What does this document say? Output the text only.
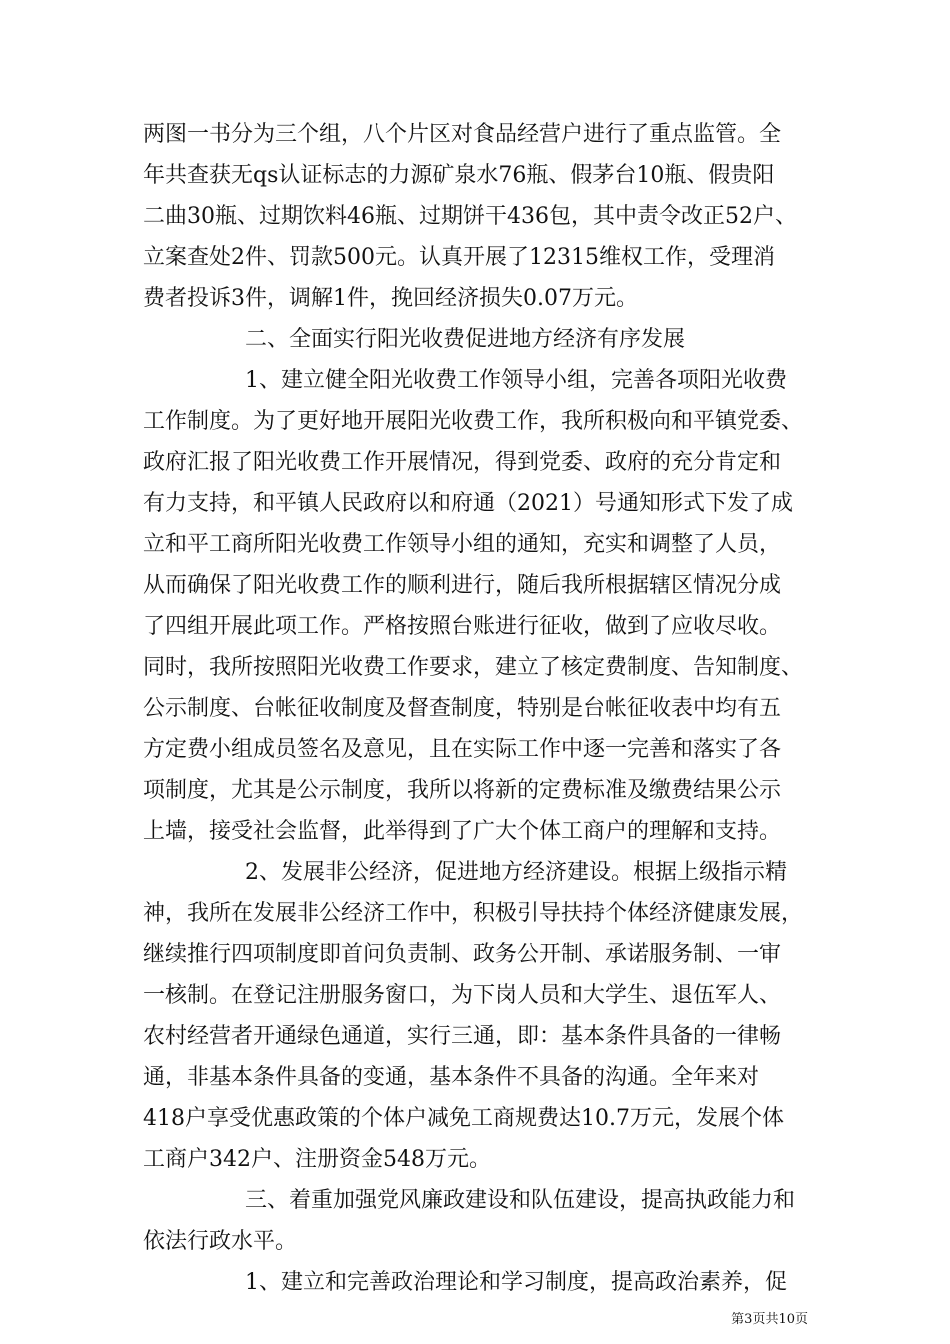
两图一书分为三个组，八个片区对食品经营户进行了重点监管。全
年共查获无qs认证标志的力源矿泉水76瓶、假茅台10瓶、假贵阳
二曲30瓶、过期饮料46瓶、过期饼干436包，其中责令改正52户、
立案查处2件、罚款500元。认真开展了12315维权工作，受理消
费者投诉3件，调解1件，挽回经济损失0.07万元。
二、全面实行阳光收费促进地方经济有序发展
1、建立健全阳光收费工作领导小组，完善各项阳光收费
工作制度。为了更好地开展阳光收费工作，我所积极向和平镇党委、
政府汇报了阳光收费工作开展情况，得到党委、政府的充分肯定和
有力支持，和平镇人民政府以和府通（2021）号通知形式下发了成
立和平工商所阳光收费工作领导小组的通知，充实和调整了人员，
从而确保了阳光收费工作的顺利进行，随后我所根据辖区情况分成
了四组开展此项工作。严格按照台账进行征收，做到了应收尽收。
同时，我所按照阳光收费工作要求，建立了核定费制度、告知制度、
公示制度、台帐征收制度及督查制度，特别是台帐征收表中均有五
方定费小组成员签名及意见，且在实际工作中逐一完善和落实了各
项制度，尤其是公示制度，我所以将新的定费标准及缴费结果公示
上墙，接受社会监督，此举得到了广大个体工商户的理解和支持。
2、发展非公经济，促进地方经济建设。根据上级指示精
神，我所在发展非公经济工作中，积极引导扶持个体经济健康发展，
继续推行四项制度即首问负责制、政务公开制、承诺服务制、一审
一核制。在登记注册服务窗口，为下岗人员和大学生、退伍军人、
农村经营者开通绿色通道，实行三通，即：基本条件具备的一律畅
通，非基本条件具备的变通，基本条件不具备的沟通。全年来对
418户享受优惠政策的个体户减免工商规费达10.7万元，发展个体
工商户342户、注册资金548万元。
三、着重加强党风廉政建设和队伍建设，提高执政能力和
依法行政水平。
1、建立和完善政治理论和学习制度，提高政治素养，促
第3页共10页
